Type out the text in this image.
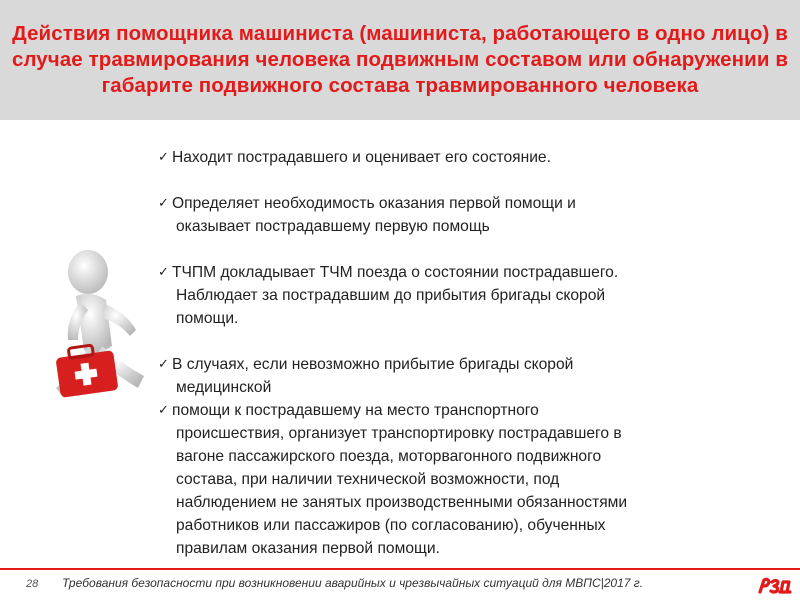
Действия помощника машиниста (машиниста, работающего в одно лицо) в случае травмирования человека подвижным составом или обнаружении в габарите подвижного состава травмированного человека
✓ Находит пострадавшего и оценивает его состояние.
✓ Определяет необходимость оказания первой помощи и
оказывает пострадавшему первую помощь
✓ ТЧПМ докладывает ТЧМ поезда о состоянии пострадавшего.
Наблюдает за пострадавшим до прибытия бригады скорой
помощи.
✓ В случаях, если невозможно прибытие бригады скорой
медицинской
✓ помощи к пострадавшему на место транспортного
происшествия, организует транспортировку пострадавшего в
вагоне пассажирского поезда, моторвагонного подвижного
состава, при наличии технической возможности, под
наблюдением не занятых производственными обязанностями
работников или пассажиров (по согласованию), обученных
правилам оказания первой помощи.
28 Требования безопасности при возникновении аварийных и чрезвычайных ситуаций для МВПС|2017 г.
